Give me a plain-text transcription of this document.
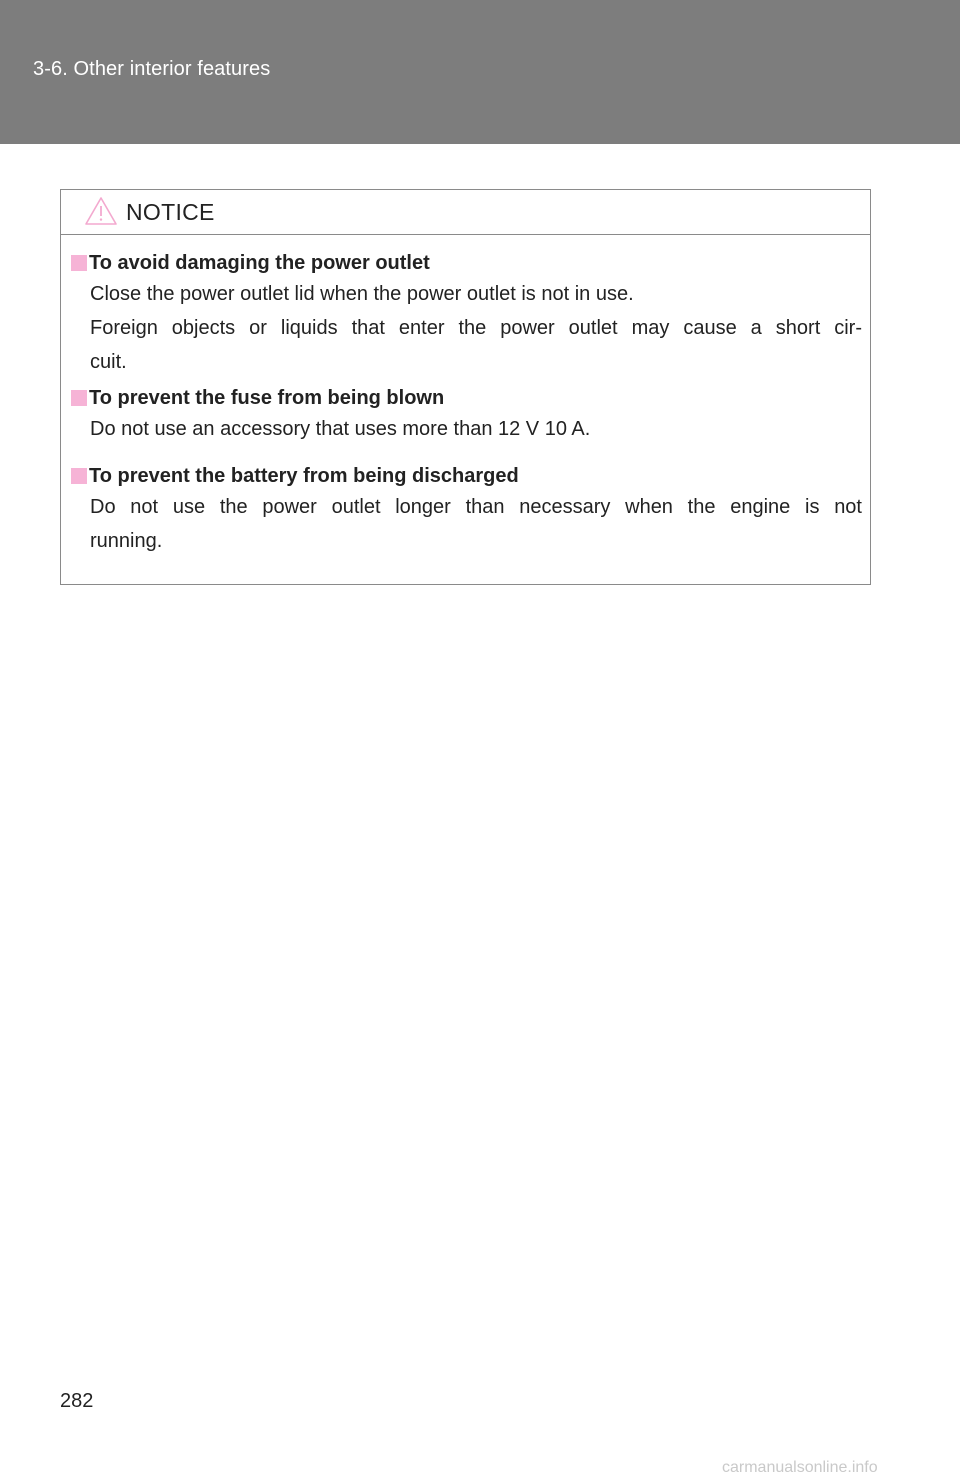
3-6. Other interior features
NOTICE
To avoid damaging the power outlet
Close the power outlet lid when the power outlet is not in use.
Foreign objects or liquids that enter the power outlet may cause a short cir-
cuit.
To prevent the fuse from being blown
Do not use an accessory that uses more than 12 V 10 A.
To prevent the battery from being discharged
Do not use the power outlet longer than necessary when the engine is not
running.
282
carmanualsonline.info
